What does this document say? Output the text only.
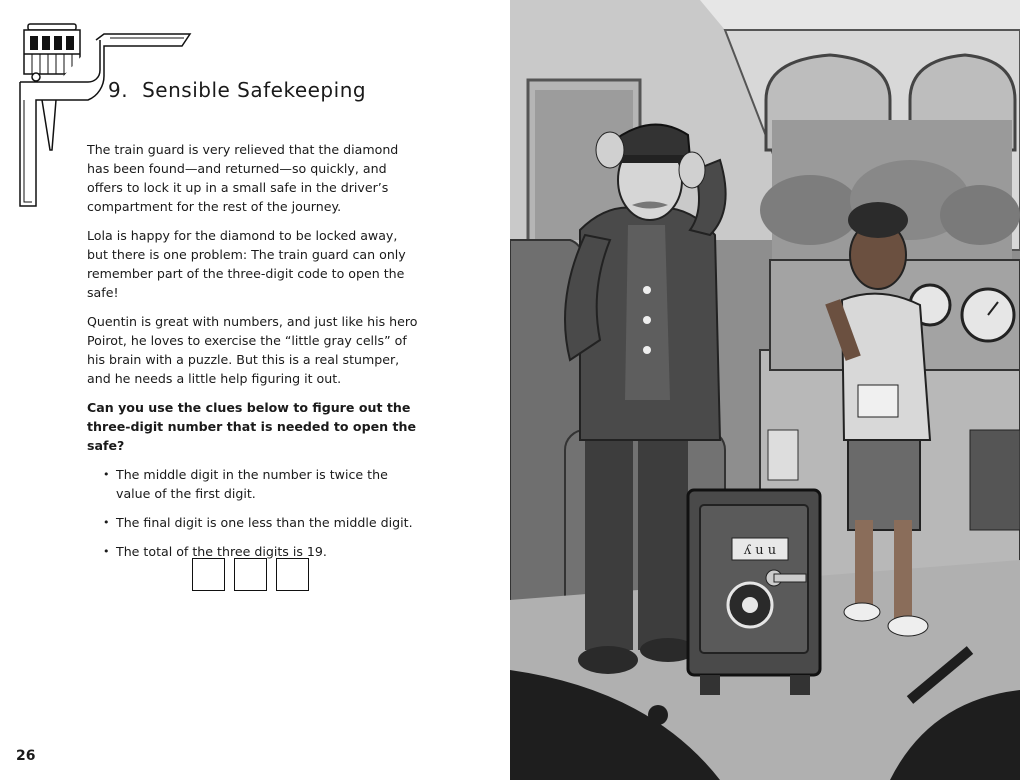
9. Sensible Safekeeping

The train guard is very relieved that the diamond has been found—and returned—so quickly, and offers to lock it up in a small safe in the driver’s compartment for the rest of the journey.

Lola is happy for the diamond to be locked away, but there is one problem: The train guard can only remember part of the three-digit code to open the safe!

Quentin is great with numbers, and just like his hero Poirot, he loves to exercise the “little gray cells” of his brain with a puzzle. But this is a real stumper, and he needs a little help figuring it out.

Can you use the clues below to figure out the three-digit number that is needed to open the safe?

• The middle digit in the number is twice the value of the first digit.
• The final digit is one less than the middle digit.
• The total of the three digits is 19.
26
ʎ u u
